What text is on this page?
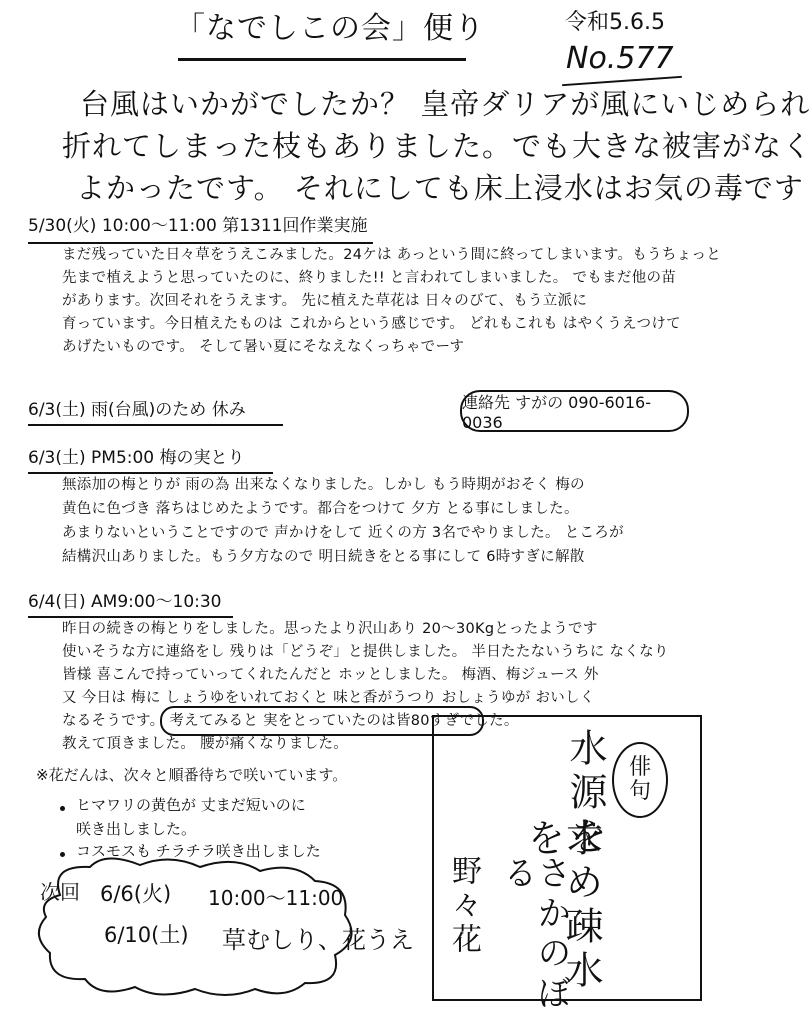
「なでしこの会」便り	令和5.6.5
No.577
台風はいかがでしたか？ 皇帝ダリアが風にいじめられ
折れてしまった枝もありました。でも大きな被害がなく
よかったです。 それにしても床上浸水はお気の毒です
5/30(火) 10:00〜11:00 第1311回作業実施
まだ残っていた日々草をうえこみました。24ケは あっという間に終ってしまいます。もうちょっと
先まで植えようと思っていたのに、終りました!! と言われてしまいました。 でもまだ他の苗
があります。次回それをうえます。 先に植えた草花は 日々のびて、もう立派に
育っています。今日植えたものは これからという感じです。 どれもこれも はやくうえつけて
あげたいものです。 そして暑い夏にそなえなくっちゃでーす
6/3(土) 雨(台風)のため 休み	連絡先 すがの 090-6016-0036
6/3(土) PM5:00 梅の実とり
無添加の梅とりが 雨の為 出来なくなりました。しかし もう時期がおそく 梅の
黄色に色づき 落ちはじめたようです。都合をつけて 夕方 とる事にしました。
あまりないということですので 声かけをして 近くの方 3名でやりました。 ところが
結構沢山ありました。もう夕方なので 明日続きをとる事にして 6時すぎに解散
6/4(日) AM9:00〜10:30
昨日の続きの梅とりをしました。思ったより沢山あり 20〜30Kgとったようです
使いそうな方に連絡をし 残りは「どうぞ」と提供しました。 半日たたないうちに なくなり
皆様 喜こんで持っていってくれたんだと ホッとしました。 梅酒、梅ジュース 外
又 今日は 梅に しょうゆをいれておくと 味と香がうつり おしょうゆが おいしく
なるそうです。 考えてみると 実をとっていたのは皆80すぎでした。
教えて頂きました。 腰が痛くなりました。
※花だんは、次々と順番待ちで咲いています。
ヒマワリの黄色が 丈まだ短いのに
咲き出しました。
コスモスも チラチラ咲き出しました
次回 6/6(火)
6/10(土)
10:00〜11:00
草むしり、花うえ
俳
句
水源を
求め疎水を
さかのぼる
野々花
